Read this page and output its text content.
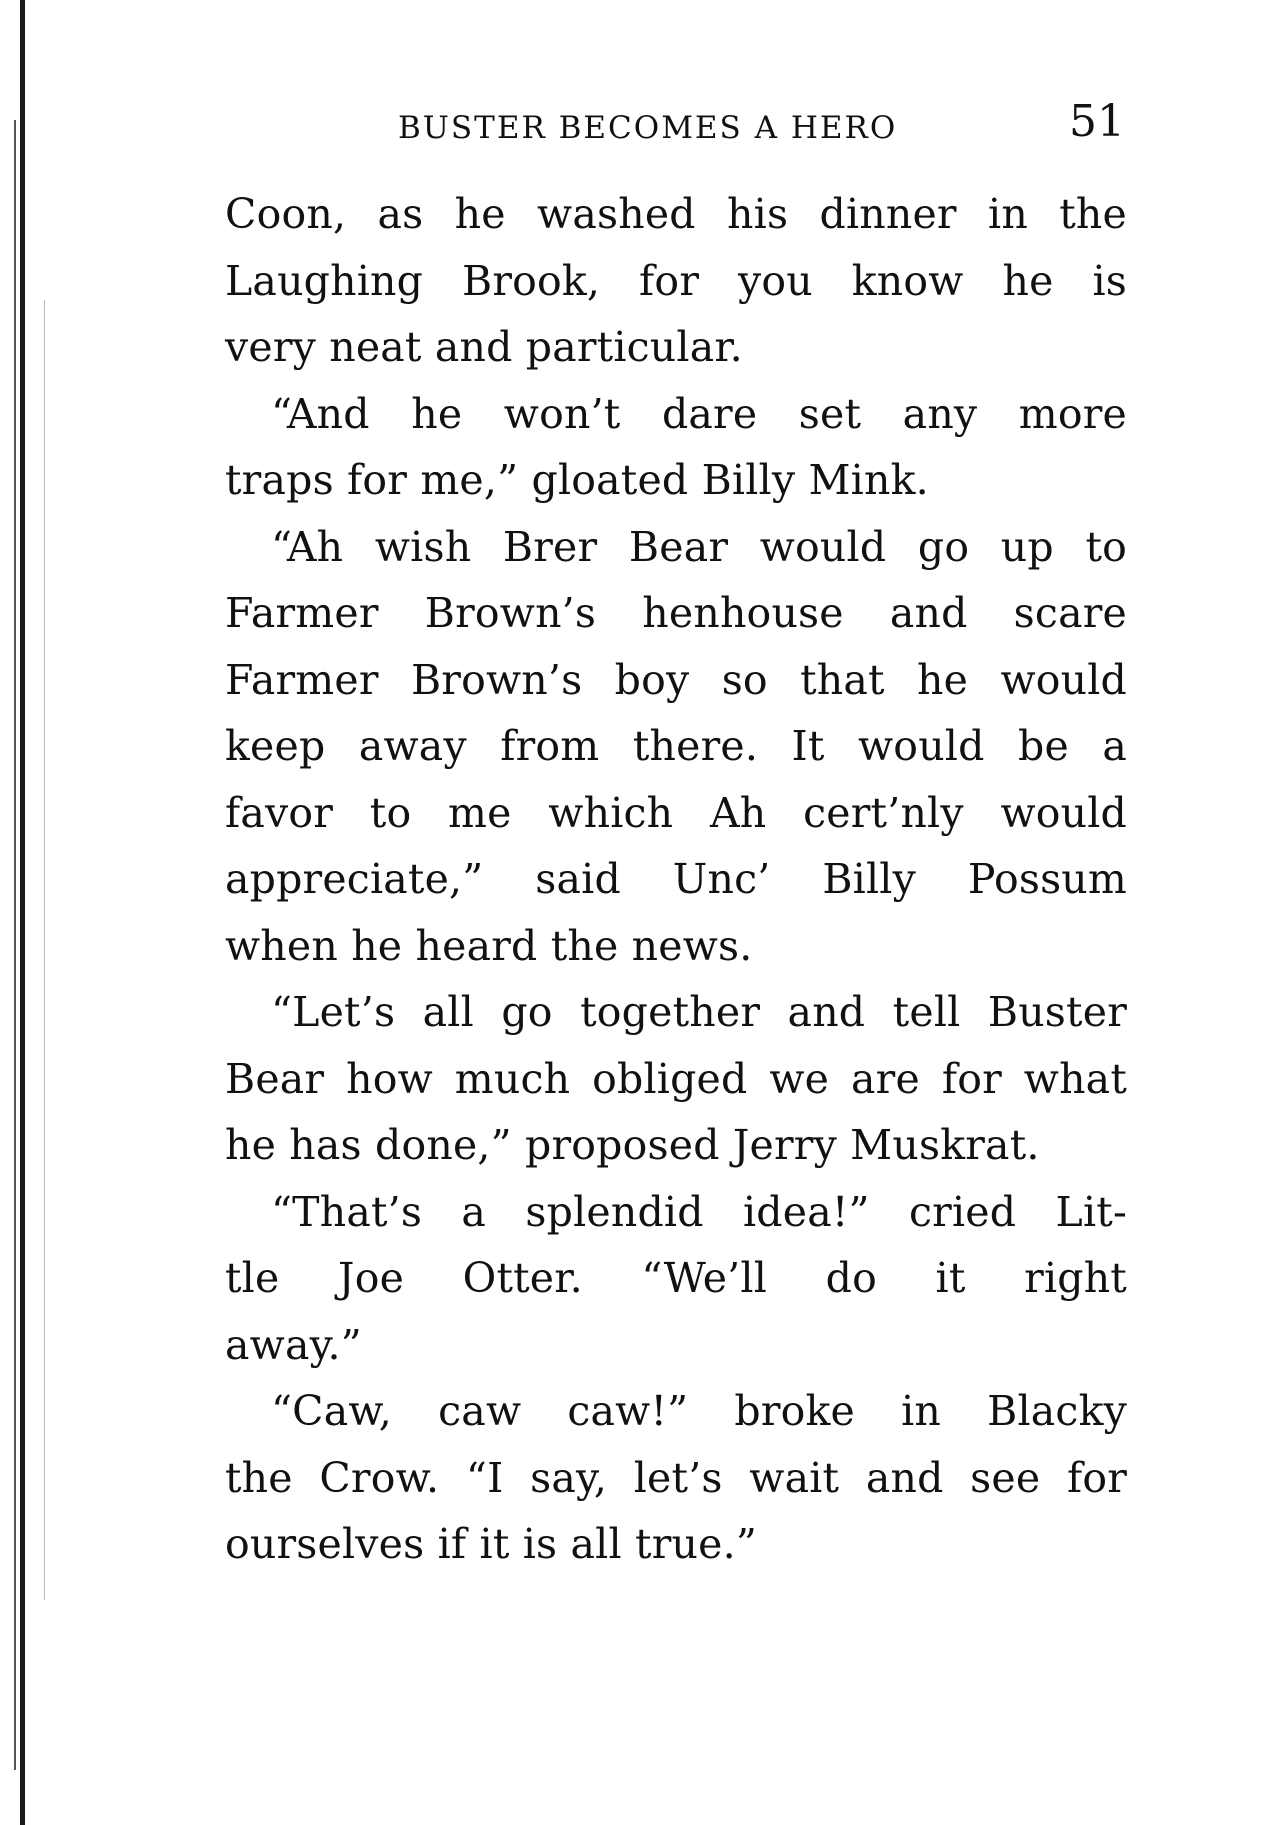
BUSTER BECOMES A HERO	51
Coon, as he washed his dinner in the
Laughing Brook, for you know he is
very neat and particular.
“And he won’t dare set any more
traps for me,” gloated Billy Mink.
“Ah wish Brer Bear would go up to
Farmer Brown’s henhouse and scare
Farmer Brown’s boy so that he would
keep away from there. It would be a
favor to me which Ah cert’nly would
appreciate,” said Unc’ Billy Possum
when he heard the news.
“Let’s all go together and tell Buster
Bear how much obliged we are for what
he has done,” proposed Jerry Muskrat.
“That’s a splendid idea!” cried Lit-
tle Joe Otter. “We’ll do it right
away.”
“Caw, caw caw!” broke in Blacky
the Crow. “I say, let’s wait and see for
ourselves if it is all true.”
